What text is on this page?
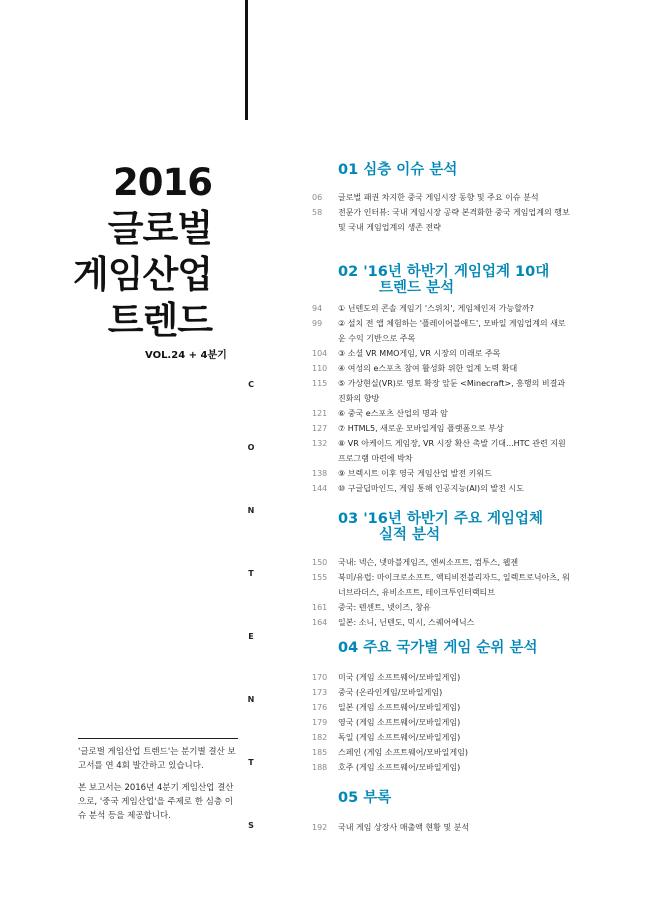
2016
글로벌
게임산업
트렌드
VOL.24 + 4분기
C
O
N
T
E
N
T
S

'글로벌 게임산업 트렌드'는 분기별 결산 보고서를 연 4회 발간하고 있습니다.

본 보고서는 2016년 4분기 게임산업 결산으로, '중국 게임산업'을 주제로 한 심층 이슈 분석 등을 제공합니다.

01 심층 이슈 분석
06	글로벌 패권 차지한 중국 게임시장 동향 및 주요 이슈 분석
58	전문가 인터뷰: 국내 게임시장 공략 본격화한 중국 게임업계의 행보 및 국내 게임업계의 생존 전략
02 '16년 하반기 게임업계 10대
트렌드 분석
94	① 닌텐도의 콘솔 게임기 '스위치', 게임체인저 가능할까?
99	② 설치 전 앱 체험하는 '플레이어블애드', 모바일 게임업계의 새로운 수익 기반으로 주목
104	③ 소셜 VR MMO게임, VR 시장의 미래로 주목
110	④ 여성의 e스포츠 참여 활성화 위한 업계 노력 확대
115	⑤ 가상현실(VR)로 영토 확장 앞둔 <Minecraft>, 흥행의 비결과 진화의 향방
121	⑥ 중국 e스포츠 산업의 명과 암
127	⑦ HTML5, 새로운 모바일게임 플랫폼으로 부상
132	⑧ VR 아케이드 게임장, VR 시장 확산 촉발 기대...HTC 관련 지원 프로그램 마련에 박차
138	⑨ 브렉시트 이후 영국 게임산업 발전 키워드
144	⑩ 구글딥마인드, 게임 통해 인공지능(AI)의 발전 시도
03 '16년 하반기 주요 게임업체
실적 분석
150	국내: 넥슨, 넷마블게임즈, 엔씨소프트, 컴투스, 웹젠
155	북미/유럽: 마이크로소프트, 액티비전블리자드, 일렉트로닉아츠, 워너브라더스, 유비소프트, 테이크투인터랙티브
161	중국: 텐센트, 넷이즈, 창유
164	일본: 소니, 닌텐도, 믹시, 스퀘어에닉스
04 주요 국가별 게임 순위 분석
170	미국 (게임 소프트웨어/모바일게임)
173	중국 (온라인게임/모바일게임)
176	일본 (게임 소프트웨어/모바일게임)
179	영국 (게임 소프트웨어/모바일게임)
182	독일 (게임 소프트웨어/모바일게임)
185	스페인 (게임 소프트웨어/모바일게임)
188	호주 (게임 소프트웨어/모바일게임)
05 부록
192	국내 게임 상장사 매출액 현황 및 분석
